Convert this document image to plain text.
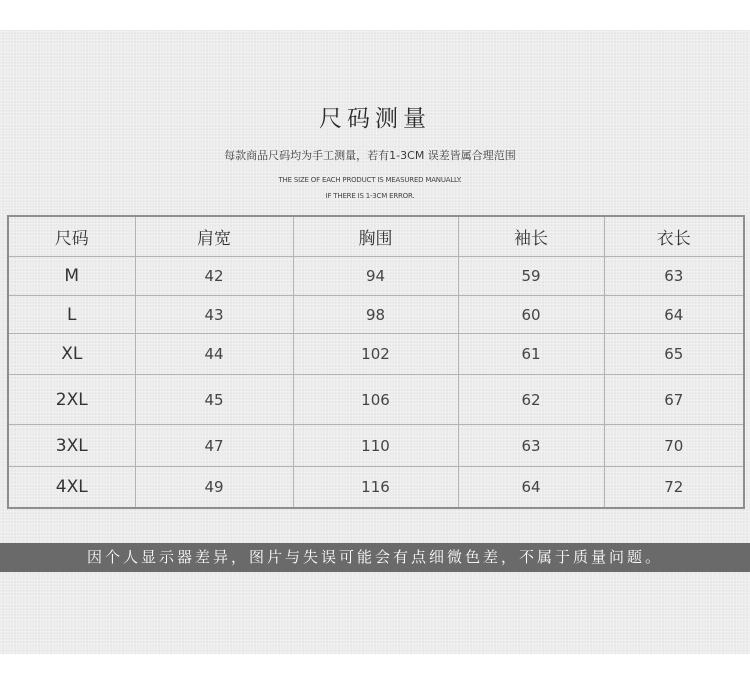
尺码测量
每款商品尺码均为手工测量，若有1-3CM 误差皆属合理范围
THE SIZE OF EACH PRODUCT IS MEASURED MANUALLY.
IF THERE IS 1-3CM ERROR.
尺码	肩宽	胸围	袖长	衣长
M	42	94	59	63
L	43	98	60	64
XL	44	102	61	65
2XL	45	106	62	67
3XL	47	110	63	70
4XL	49	116	64	72
因个人显示器差异，图片与失误可能会有点细微色差，不属于质量问题。
